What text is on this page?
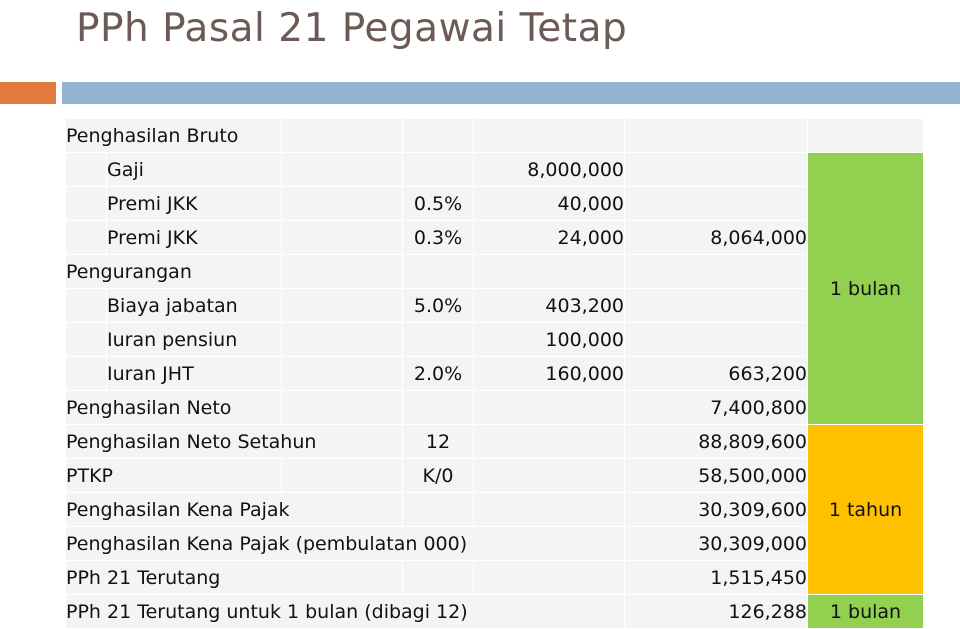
PPh Pasal 21 Pegawai Tetap
Penghasilan Bruto						
	Gaji			8,000,000		1 bulan
	Premi JKK		0.5%	40,000		
	Premi JKK		0.3%	24,000	8,064,000	
Pengurangan						
	Biaya jabatan		5.0%	403,200		
	Iuran pensiun			100,000		
	Iuran JHT		2.0%	160,000	663,200	
Penghasilan Neto					7,400,800	
Penghasilan Neto Setahun			12		88,809,600	1 tahun
PTKP			K/0		58,500,000	
Penghasilan Kena Pajak					30,309,600	
Penghasilan Kena Pajak (pembulatan 000)					30,309,000	
PPh 21 Terutang					1,515,450	
PPh 21 Terutang untuk 1 bulan (dibagi 12)					126,288	1 bulan
